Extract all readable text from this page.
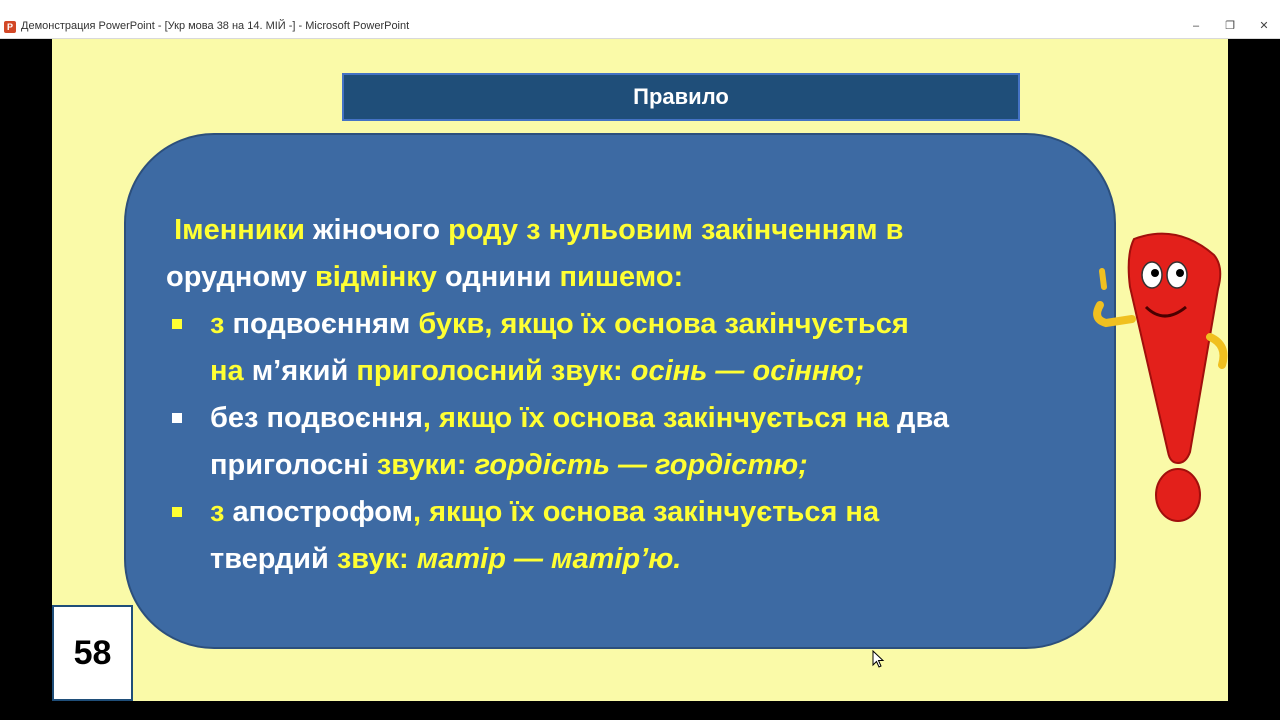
P Демонстрация PowerPoint - [Укр мова 38 на 14. МІЙ -] - Microsoft PowerPoint	–	❐	✕
Правило
Іменники жіночого роду з нульовим закінченням в
орудному відмінку однини пишемо:
з подвоєнням букв, якщо їх основа закінчується
на м’який приголосний звук: осінь — осінню;
без подвоєння, якщо їх основа закінчується на два
приголосні звуки: гордість — гордістю;
з апострофом, якщо їх основа закінчується на
твердий звук: матір — матір’ю.
58
